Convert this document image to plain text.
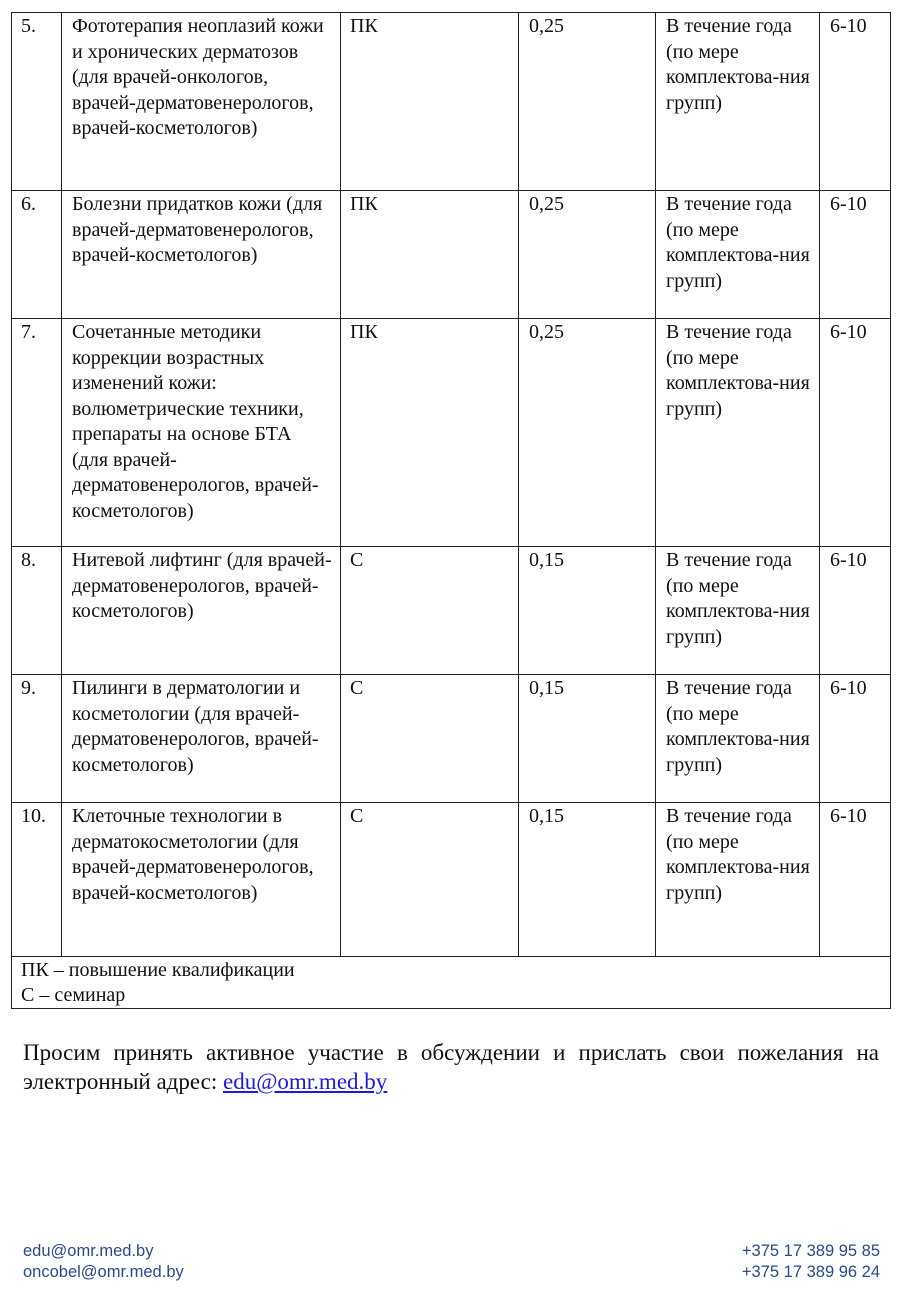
5.	Фототерапия неоплазий кожи и хронических дерматозов (для врачей-онкологов, врачей-дерматовенерологов, врачей-косметологов)	ПК	0,25	В течение года (по мере комплектова-ния групп)	6-10
6.	Болезни придатков кожи (для врачей-дерматовенерологов, врачей-косметологов)	ПК	0,25	В течение года (по мере комплектова-ния групп)	6-10
7.	Сочетанные методики коррекции возрастных изменений кожи: волюметрические техники, препараты на основе БТА (для врачей-дерматовенерологов, врачей-косметологов)	ПК	0,25	В течение года (по мере комплектова-ния групп)	6-10
8.	Нитевой лифтинг (для врачей-дерматовенерологов, врачей-косметологов)	С	0,15	В течение года (по мере комплектова-ния групп)	6-10
9.	Пилинги в дерматологии и косметологии (для врачей-дерматовенерологов, врачей-косметологов)	С	0,15	В течение года (по мере комплектова-ния групп)	6-10
10.	Клеточные технологии в дерматокосметологии (для врачей-дерматовенерологов, врачей-косметологов)	С	0,15	В течение года (по мере комплектова-ния групп)	6-10

ПК – повышение квалификации
С – семинар					
Просим принять активное участие в обсуждении и прислать свои пожелания на электронный адрес: edu@omr.med.by
edu@omr.med.by
oncobel@omr.med.by
+375 17 389 95 85
+375 17 389 96 24
